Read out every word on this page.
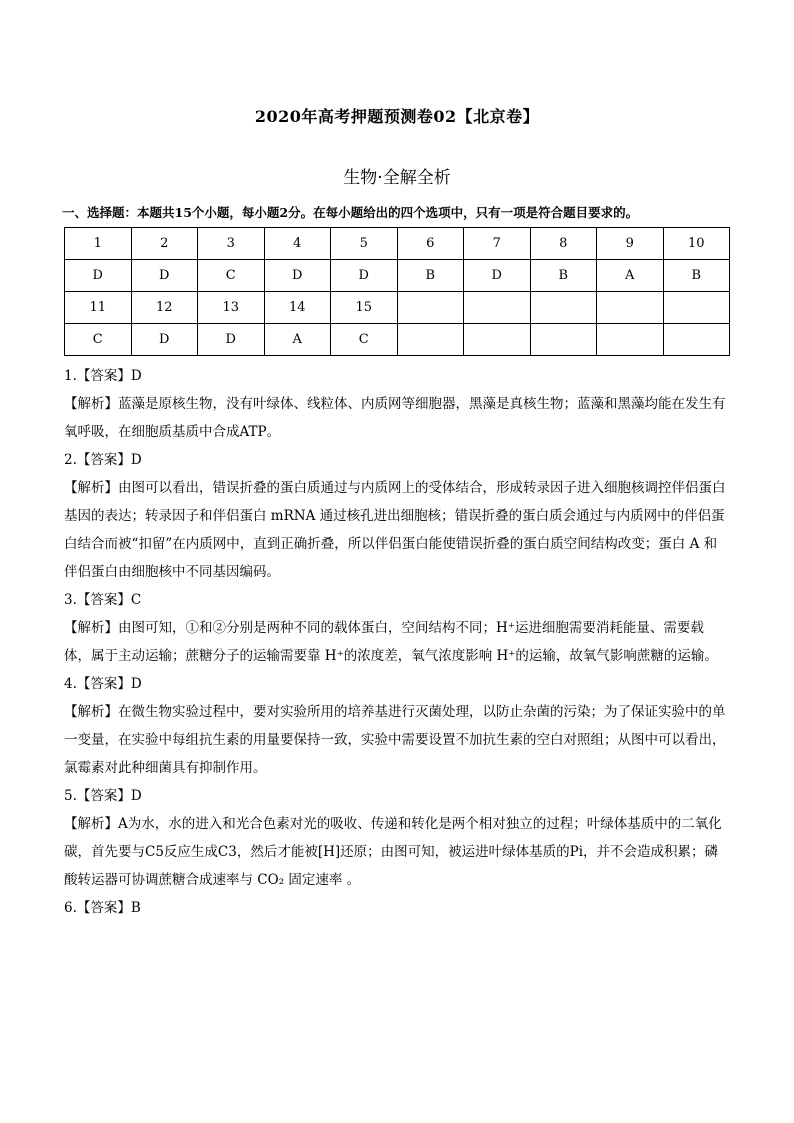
2020年高考押题预测卷02【北京卷】
生物·全解全析
一、选择题：本题共15个小题，每小题2分。在每小题给出的四个选项中，只有一项是符合题目要求的。
1	2	3	4	5	6	7	8	9	10
D	D	C	D	D	B	D	B	A	B
11	12	13	14	15					
C	D	D	A	C					

1.【答案】D

【解析】蓝藻是原核生物，没有叶绿体、线粒体、内质网等细胞器，黑藻是真核生物；蓝藻和黑藻均能在发生有氧呼吸，在细胞质基质中合成ATP。

2.【答案】D

【解析】由图可以看出，错误折叠的蛋白质通过与内质网上的受体结合，形成转录因子进入细胞核调控伴侣蛋白基因的表达；转录因子和伴侣蛋白 mRNA 通过核孔进出细胞核；错误折叠的蛋白质会通过与内质网中的伴侣蛋白结合而被“扣留”在内质网中，直到正确折叠，所以伴侣蛋白能使错误折叠的蛋白质空间结构改变；蛋白 A 和伴侣蛋白由细胞核中不同基因编码。

3.【答案】C

【解析】由图可知，①和②分别是两种不同的载体蛋白，空间结构不同；H⁺运进细胞需要消耗能量、需要载体，属于主动运输；蔗糖分子的运输需要靠 H⁺的浓度差，氧气浓度影响 H⁺的运输，故氧气影响蔗糖的运输。

4.【答案】D

【解析】在微生物实验过程中，要对实验所用的培养基进行灭菌处理，以防止杂菌的污染；为了保证实验中的单一变量，在实验中每组抗生素的用量要保持一致，实验中需要设置不加抗生素的空白对照组；从图中可以看出，氯霉素对此种细菌具有抑制作用。

5.【答案】D

【解析】A为水，水的进入和光合色素对光的吸收、传递和转化是两个相对独立的过程；叶绿体基质中的二氧化碳，首先要与C5反应生成C3，然后才能被[H]还原；由图可知，被运进叶绿体基质的Pi，并不会造成积累；磷酸转运器可协调蔗糖合成速率与 CO₂ 固定速率 。

6.【答案】B
